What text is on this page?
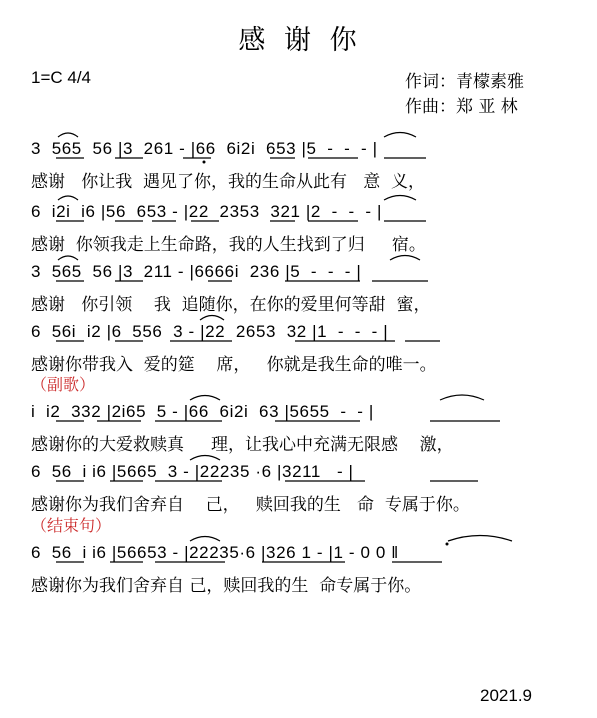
感 谢 你
1=C 4/4	作词：青檬素雅
作曲：郑 亚 林
3  565  56 |3  261 - |66  6i2i  653 |5  -  -  - |
感谢   你让我  遇见了你，我的生命从此有   意  义，
6  i2i  i6 |56  653 - |22  2353  321 |2  -  -  - |
感谢  你领我走上生命路，我的人生找到了归     宿。
3  565  56 |3  211 - |6666i  236 |5  -  -  - |
感谢   你引领    我  追随你，在你的爱里何等甜  蜜，
6  56i  i2 |6  556  3 - |22  2653  32 |1  -  -  - |
感谢你带我入  爱的筵    席，   你就是我生命的唯一。
（副歌）
i  i2  332 |2i65  5 - |66  6i2i  63 |5655  -  - |
感谢你的大爱救赎真     理，让我心中充满无限感    激，
6  56  i i6 |5665  3 - |22235 ·6 |3211   - |
感谢你为我们舍弃自    己，   赎回我的生   命  专属于你。
（结束句）
6  56  i i6 |56653 - |22235·6 |326 1 - |1 - 0 0 ‖
感谢你为我们舍弃自 己，赎回我的生  命专属于你。
2021.9
